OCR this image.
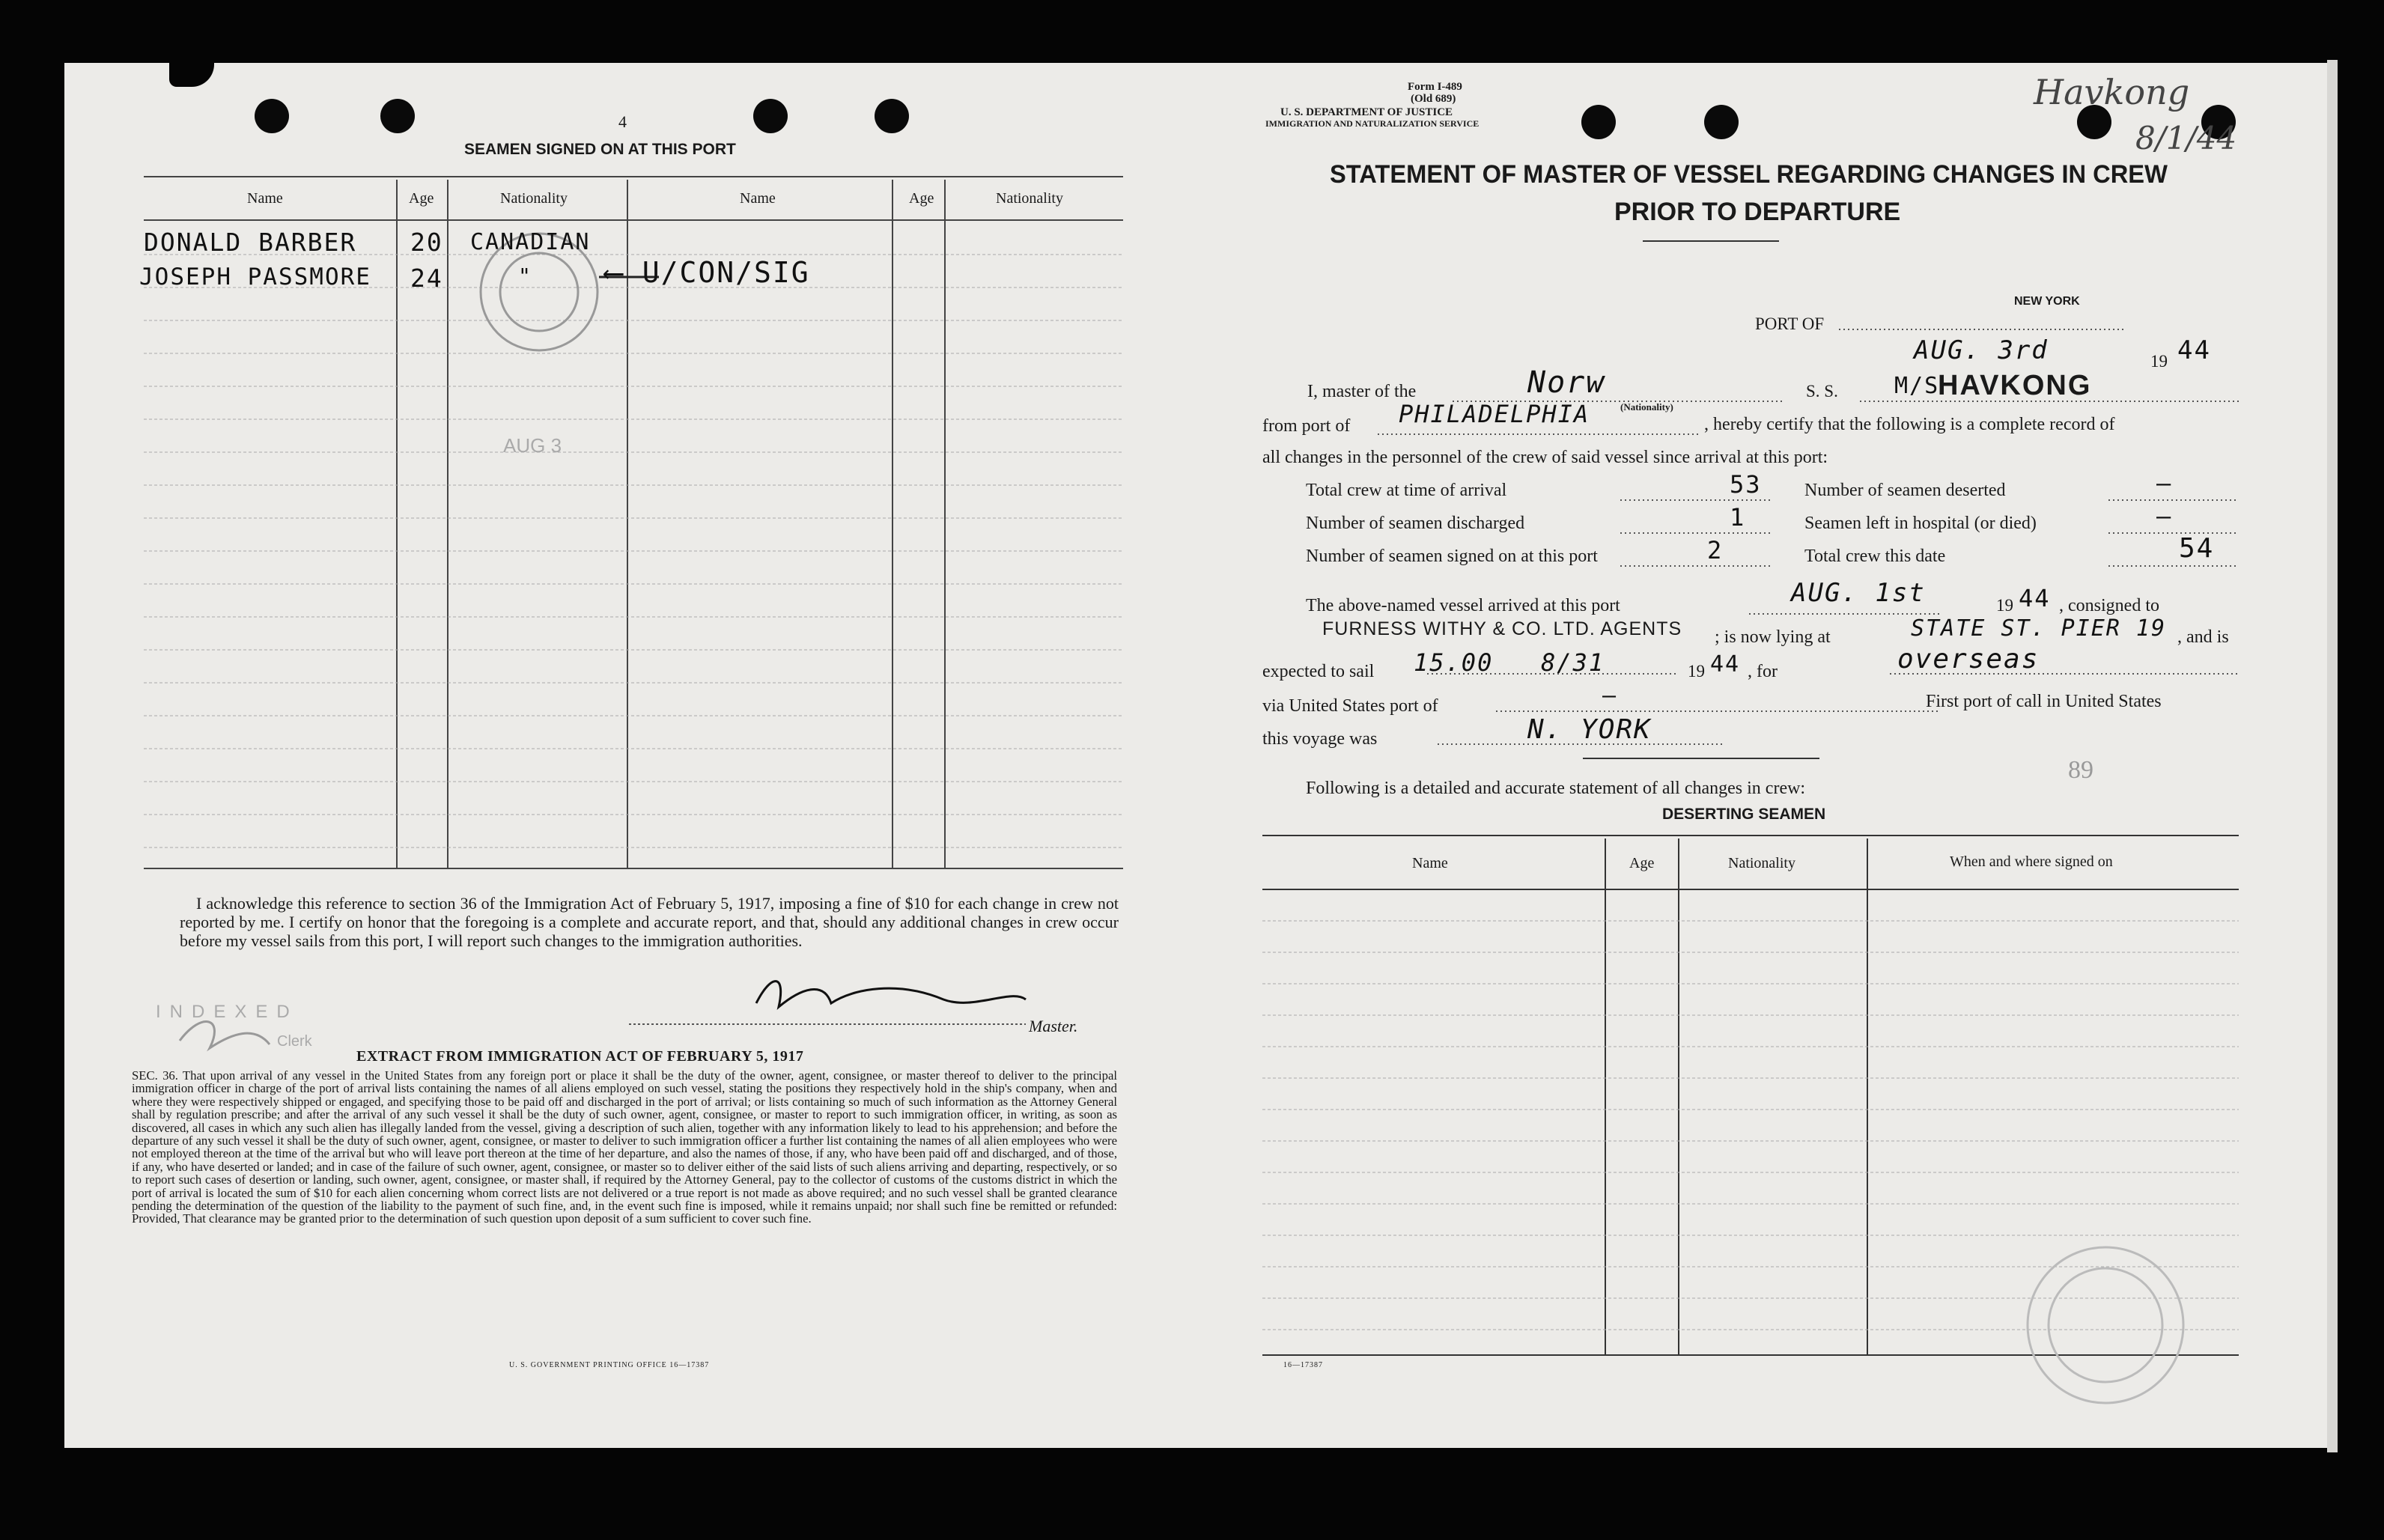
4
SEAMEN SIGNED ON AT THIS PORT
Name	Age	Nationality	Name	Age	Nationality
DONALD BARBER 20 CANADIAN
JOSEPH PASSMORE 24	"	⟵ U/CON/SIG
AUG 3
I acknowledge this reference to section 36 of the Immigration Act of February 5, 1917, imposing a fine of $10 for each change in crew not reported by me. I certify on honor that the foregoing is a complete and accurate report, and that, should any additional changes in crew occur before my vessel sails from this port, I will report such changes to the immigration authorities.
Master.
INDEXED
Clerk
EXTRACT FROM IMMIGRATION ACT OF FEBRUARY 5, 1917
SEC. 36. That upon arrival of any vessel in the United States from any foreign port or place it shall be the duty of the owner, agent, consignee, or master thereof to deliver to the principal immigration officer in charge of the port of arrival lists containing the names of all aliens employed on such vessel, stating the positions they respectively hold in the ship's company, when and where they were respectively shipped or engaged, and specifying those to be paid off and discharged in the port of arrival; or lists containing so much of such information as the Attorney General shall by regulation prescribe; and after the arrival of any such vessel it shall be the duty of such owner, agent, consignee, or master to report to such immigration officer, in writing, as soon as discovered, all cases in which any such alien has illegally landed from the vessel, giving a description of such alien, together with any information likely to lead to his apprehension; and before the departure of any such vessel it shall be the duty of such owner, agent, consignee, or master to deliver to such immigration officer a further list containing the names of all alien employees who were not employed thereon at the time of the arrival but who will leave port thereon at the time of her departure, and also the names of those, if any, who have been paid off and discharged, and of those, if any, who have deserted or landed; and in case of the failure of such owner, agent, consignee, or master so to deliver either of the said lists of such aliens arriving and departing, respectively, or so to report such cases of desertion or landing, such owner, agent, consignee, or master shall, if required by the Attorney General, pay to the collector of customs of the customs district in which the port of arrival is located the sum of $10 for each alien concerning whom correct lists are not delivered or a true report is not made as above required; and no such vessel shall be granted clearance pending the determination of the question of the liability to the payment of such fine, and, in the event such fine is imposed, while it remains unpaid; nor shall such fine be remitted or refunded: Provided, That clearance may be granted prior to the determination of such question upon deposit of a sum sufficient to cover such fine.
U. S. GOVERNMENT PRINTING OFFICE 16—17387
Form I-489
(Old 689)
U. S. DEPARTMENT OF JUSTICE
IMMIGRATION AND NATURALIZATION SERVICE
Havkong
8/1/44
STATEMENT OF MASTER OF VESSEL REGARDING CHANGES IN CREW
PRIOR TO DEPARTURE
NEW YORK
PORT OF
AUG. 3rd	19 44
I, master of the	Norw
(Nationality)
S. S.	M/S
HAVKONG
from port of PHILADELPHIA	, hereby certify that the following is a complete record of
all changes in the personnel of the crew of said vessel since arrival at this port:
Total crew at time of arrival	53
Number of seamen discharged	1
Number of seamen signed on at this port	2
Number of seamen deserted	—
Seamen left in hospital (or died)	—
Total crew this date	54
The above-named vessel arrived at this port	AUG. 1st	19 44 , consigned to
FURNESS WITHY & CO. LTD. AGENTS ; is now lying at	STATE ST. PIER 19 , and is
expected to sail 15.00   8/31	19 44 , for	overseas
via United States port of	—	First port of call in United States
this voyage was	N. YORK
89
Following is a detailed and accurate statement of all changes in crew:
DESERTING SEAMEN
Name	Age	Nationality	When and where signed on
16—17387
